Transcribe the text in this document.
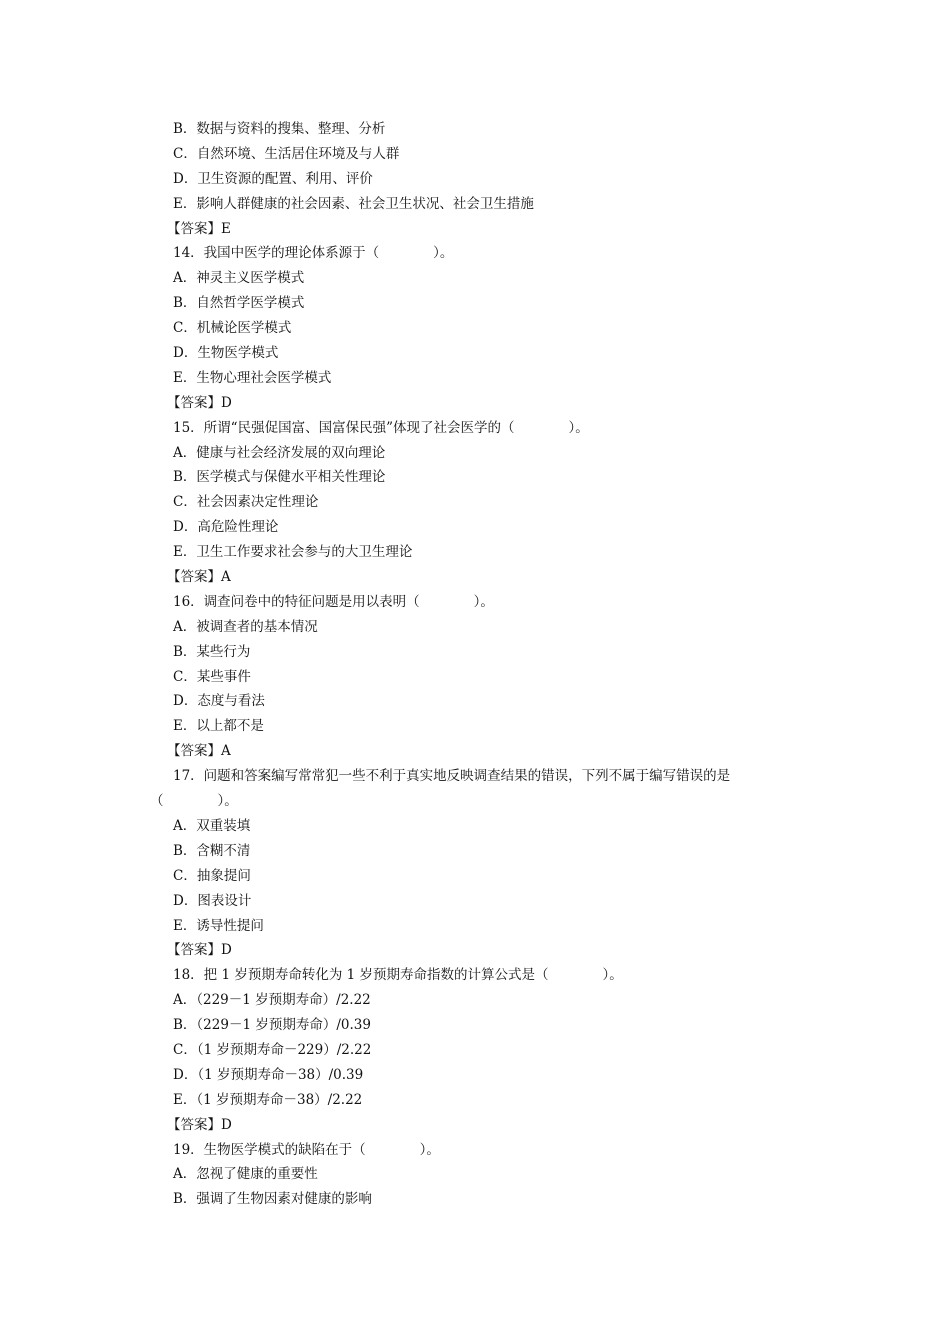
B．数据与资料的搜集、整理、分析
C．自然环境、生活居住环境及与人群
D．卫生资源的配置、利用、评价
E．影响人群健康的社会因素、社会卫生状况、社会卫生措施
【答案】E
14．我国中医学的理论体系源于（　　　　）。
A．神灵主义医学模式
B．自然哲学医学模式
C．机械论医学模式
D．生物医学模式
E．生物心理社会医学模式
【答案】D
15．所谓“民强促国富、国富保民强”体现了社会医学的（　　　　）。
A．健康与社会经济发展的双向理论
B．医学模式与保健水平相关性理论
C．社会因素决定性理论
D．高危险性理论
E．卫生工作要求社会参与的大卫生理论
【答案】A
16．调查问卷中的特征问题是用以表明（　　　　）。
A．被调查者的基本情况
B．某些行为
C．某些事件
D．态度与看法
E．以上都不是
【答案】A
17．问题和答案编写常常犯一些不利于真实地反映调查结果的错误，下列不属于编写错误的是
（　　　　）。
A．双重装填
B．含糊不清
C．抽象提问
D．图表设计
E．诱导性提问
【答案】D
18．把 1 岁预期寿命转化为 1 岁预期寿命指数的计算公式是（　　　　）。
A．（229－1 岁预期寿命）/2.22
B．（229－1 岁预期寿命）/0.39
C．（1 岁预期寿命－229）/2.22
D．（1 岁预期寿命－38）/0.39
E．（1 岁预期寿命－38）/2.22
【答案】D
19．生物医学模式的缺陷在于（　　　　）。
A．忽视了健康的重要性
B．强调了生物因素对健康的影响
